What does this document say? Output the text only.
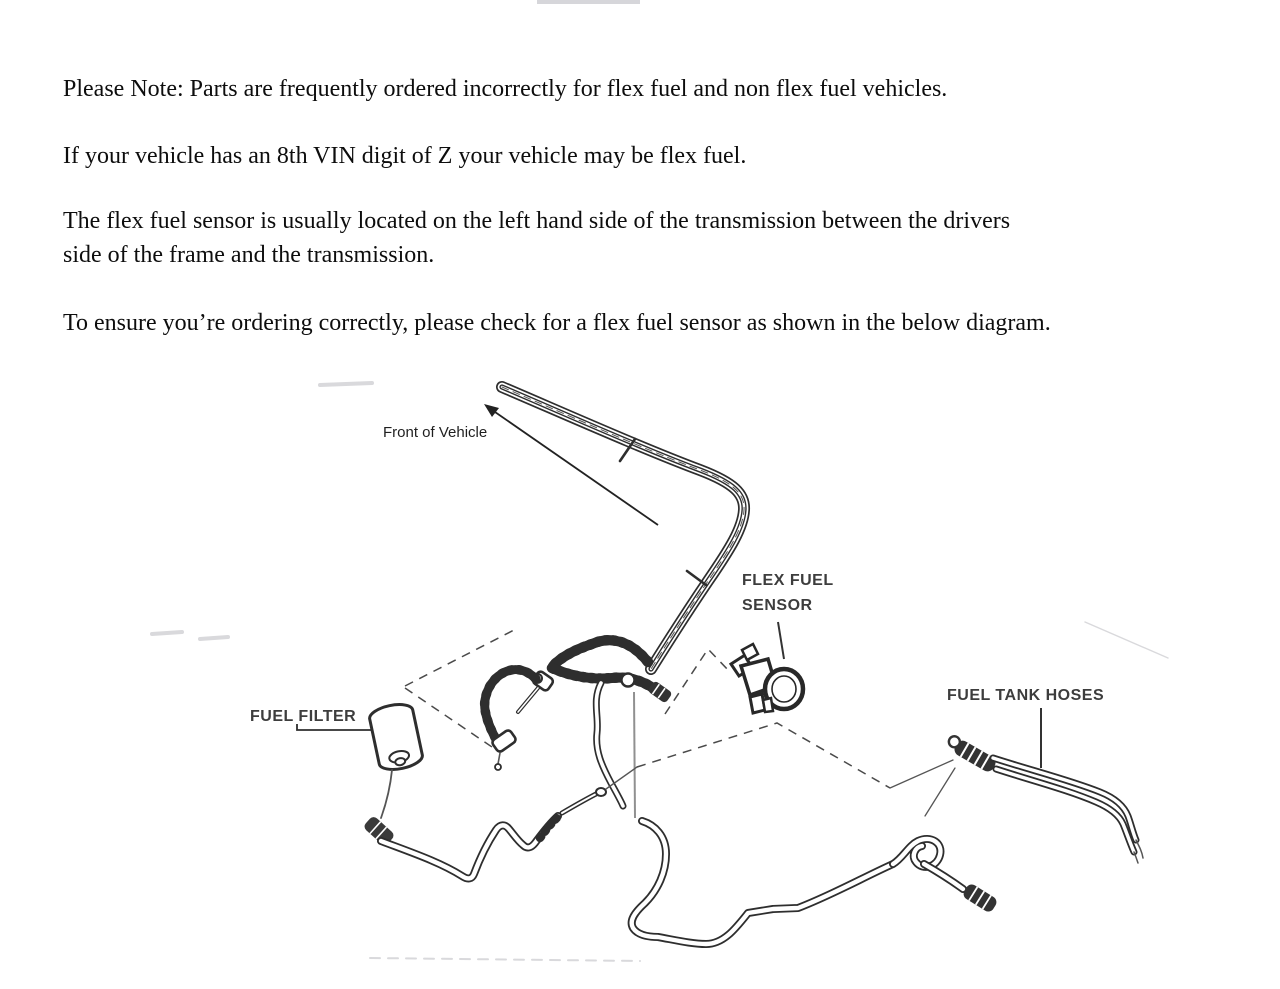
Please Note: Parts are frequently ordered incorrectly for flex fuel and non flex fuel vehicles.
If your vehicle has an 8th VIN digit of Z your vehicle may be flex fuel.
The flex fuel sensor is usually located on the left hand side of the transmission between the drivers
side of the frame and the transmission.
To ensure you’re ordering correctly, please check for a flex fuel sensor as shown in the below diagram.
Front of Vehicle
FLEX FUEL
SENSOR
FUEL FILTER
FUEL TANK HOSES
